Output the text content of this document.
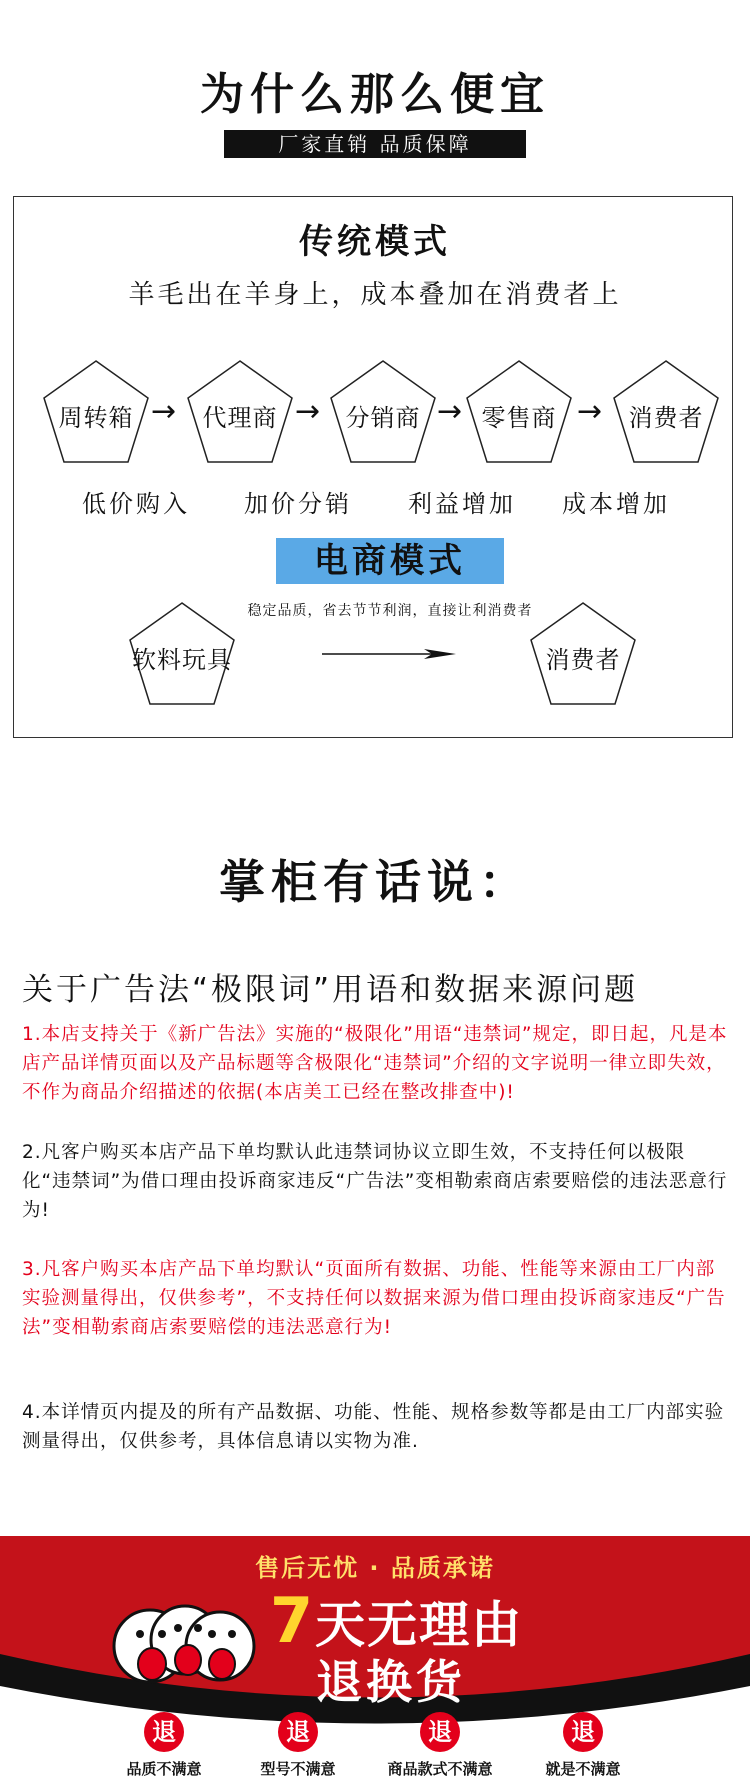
为什么那么便宜
厂家直销 品质保障
传统模式
羊毛出在羊身上，成本叠加在消费者上
周转箱 →	代理商 →	分销商 → 零售商 →	消费者
低价购入 加价分销 利益增加 成本增加
电商模式
稳定品质，省去节节利润，直接让利消费者
软料玩具	消费者
掌柜有话说：
关于广告法“极限词”用语和数据来源问题
1.本店支持关于《新广告法》实施的“极限化”用语“违禁词”规定，即日起，凡是本店产品详情页面以及产品标题等含极限化“违禁词”介绍的文字说明一律立即失效，不作为商品介绍描述的依据(本店美工已经在整改排查中)!
2.凡客户购买本店产品下单均默认此违禁词协议立即生效，不支持任何以极限化“违禁词”为借口理由投诉商家违反“广告法”变相勒索商店索要赔偿的违法恶意行为!
3.凡客户购买本店产品下单均默认“页面所有数据、功能、性能等来源由工厂内部实验测量得出，仅供参考”，不支持任何以数据来源为借口理由投诉商家违反“广告法”变相勒索商店索要赔偿的违法恶意行为!
4.本详情页内提及的所有产品数据、功能、性能、规格参数等都是由工厂内部实验测量得出，仅供参考，具体信息请以实物为准.
售后无忧 · 品质承诺
7天无理由
退换货
退
品质不满意
退
型号不满意
退
商品款式不满意
退
就是不满意
